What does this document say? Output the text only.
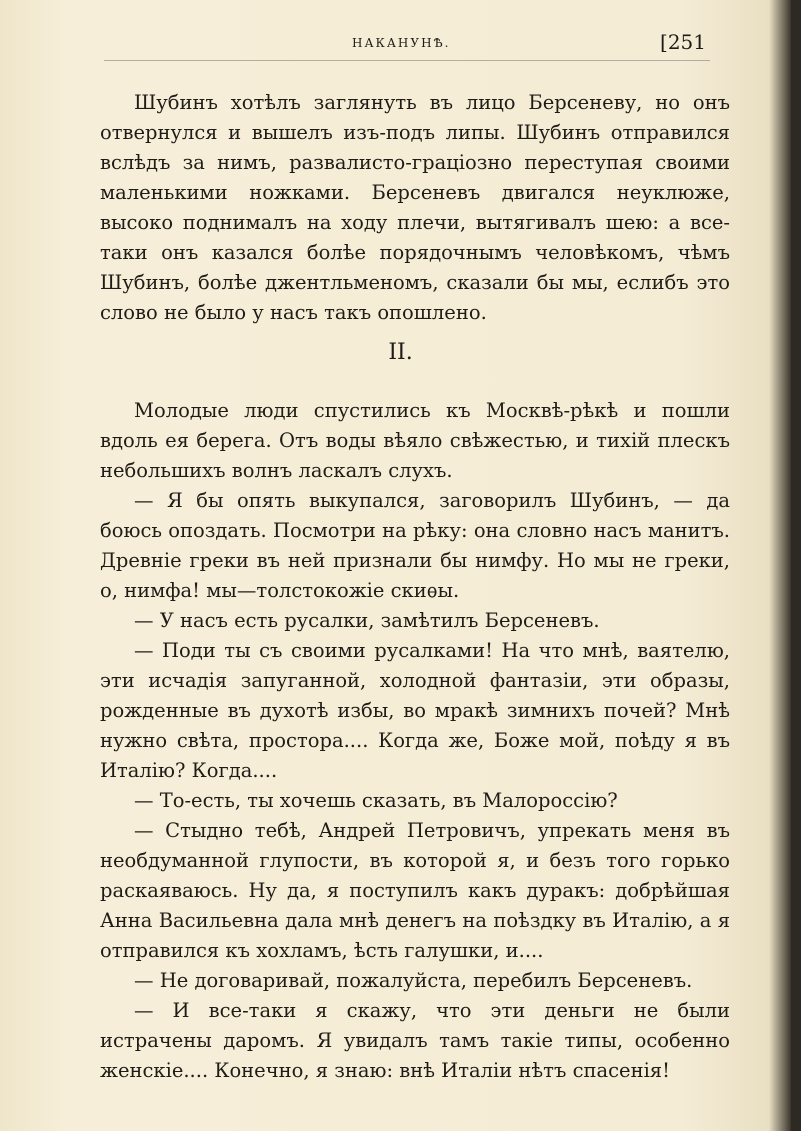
НАКАНУНѢ.	[251

Шубинъ хотѣлъ заглянуть въ лицо Берсеневу, но онъ отвернулся и вышелъ изъ-подъ липы. Шубинъ отправился вслѣдъ за нимъ, развалисто-граціозно переступая своими маленькими ножками. Берсеневъ двигался неуклюже, высоко поднималъ на ходу плечи, вытягивалъ шею: а все-таки онъ казался болѣе порядочнымъ человѣкомъ, чѣмъ Шубинъ, болѣе джентльменомъ, сказали бы мы, еслибъ это слово не было у насъ такъ опошлено.

II.

Молодые люди спустились къ Москвѣ-рѣкѣ и пошли вдоль ея берега. Отъ воды вѣяло свѣжестью, и тихій плескъ небольшихъ волнъ ласкалъ слухъ.

— Я бы опять выкупался, заговорилъ Шубинъ, — да боюсь опоздать. Посмотри на рѣку: она словно насъ манитъ. Древніе греки въ ней признали бы нимфу. Но мы не греки, о, нимфа! мы—толстокожіе скиѳы.

— У насъ есть русалки, замѣтилъ Берсеневъ.

— Поди ты съ своими русалками! На что мнѣ, ваятелю, эти исчадія запуганной, холодной фантазіи, эти образы, рожденные въ духотѣ избы, во мракѣ зимнихъ почей? Мнѣ нужно свѣта, простора.... Когда же, Боже мой, поѣду я въ Италію? Когда....

— То-есть, ты хочешь сказать, въ Малороссію?

— Стыдно тебѣ, Андрей Петровичъ, упрекать меня въ необдуманной глупости, въ которой я, и безъ того горько раскаяваюсь. Ну да, я поступилъ какъ дуракъ: добрѣйшая Анна Васильевна дала мнѣ денегъ на поѣздку въ Италію, а я отправился къ хохламъ, ѣсть галушки, и....

— Не договаривай, пожалуйста, перебилъ Берсеневъ.

— И все-таки я скажу, что эти деньги не были истрачены даромъ. Я увидалъ тамъ такіе типы, особенно женскіе.... Конечно, я знаю: внѣ Италіи нѣтъ спасенія!
